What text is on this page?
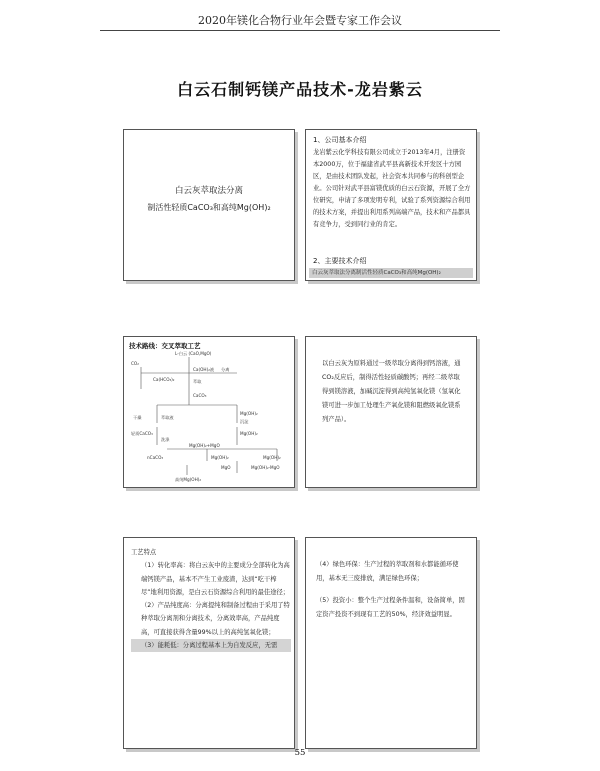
2020年镁化合物行业年会暨专家工作会议
白云石制钙镁产品技术-龙岩紫云
白云灰萃取法分离
制活性轻质CaCO₃和高纯Mg(OH)₂
1、公司基本介绍
龙岩紫云化学科技有限公司成立于2013年4月，注册资本2000万，位于福建省武平县高新技术开发区十方园区，是由技术团队发起，社会资本共同参与的科创型企业。公司针对武平县富镁优质的白云石资源，开展了全方位研究，申请了多项发明专利，试验了系列资源综合利用的技术方案，并提出利用系列高端产品，技术和产品都具有竞争力，受到同行业的肯定。
2、主要技术介绍
白云灰萃取法分离制活性轻质CaCO₃和高纯Mg(OH)₂
技术路线：交叉萃取工艺
L-白云 (CaO,MgO)
CO₂
Ca(OH)₂液 分离
Ca(HCO₃)₂	萃取
CaCO₃
Mg(OH)₂
干燥	萃取液
沉淀
轻质CaCO₃	Mg(OH)₂
洗涤
Mg(OH)₂+MgO
nCaCO₃	Mg(OH)₂	Mg(OH)₂
MgO	Mg(OH)₂·MgO
高纯Mg(OH)₂
以白云灰为原料通过一级萃取分离得到钙溶液，通CO₂反应后，制得活性轻质碳酸钙；再经二级萃取得到镁溶液，加碱沉淀得到高纯氢氧化镁（氢氧化镁可进一步加工处理生产氧化镁和阻燃级氧化镁系列产品）。
工艺特点
（1）转化率高：将白云灰中的主要成分全部转化为高端钙镁产品，基本不产生工业废渣，达到“吃干榨尽”地利用资源，是白云石资源综合利用的最佳途径；
（2）产品纯度高：分离提纯和制备过程由于采用了特种萃取分离剂和分离技术，分离效率高，产品纯度高，可直接获得含量99%以上的高纯氢氧化镁；
（3）能耗低：分离过程基本上为自发反应，无需
（4）绿色环保：生产过程的萃取剂和水都能循环使用，基本无三废排放，满足绿色环保；
（5）投资小：整个生产过程条件温和，设备简单，固定资产投资不到现有工艺的50%，经济效益明显。
55
